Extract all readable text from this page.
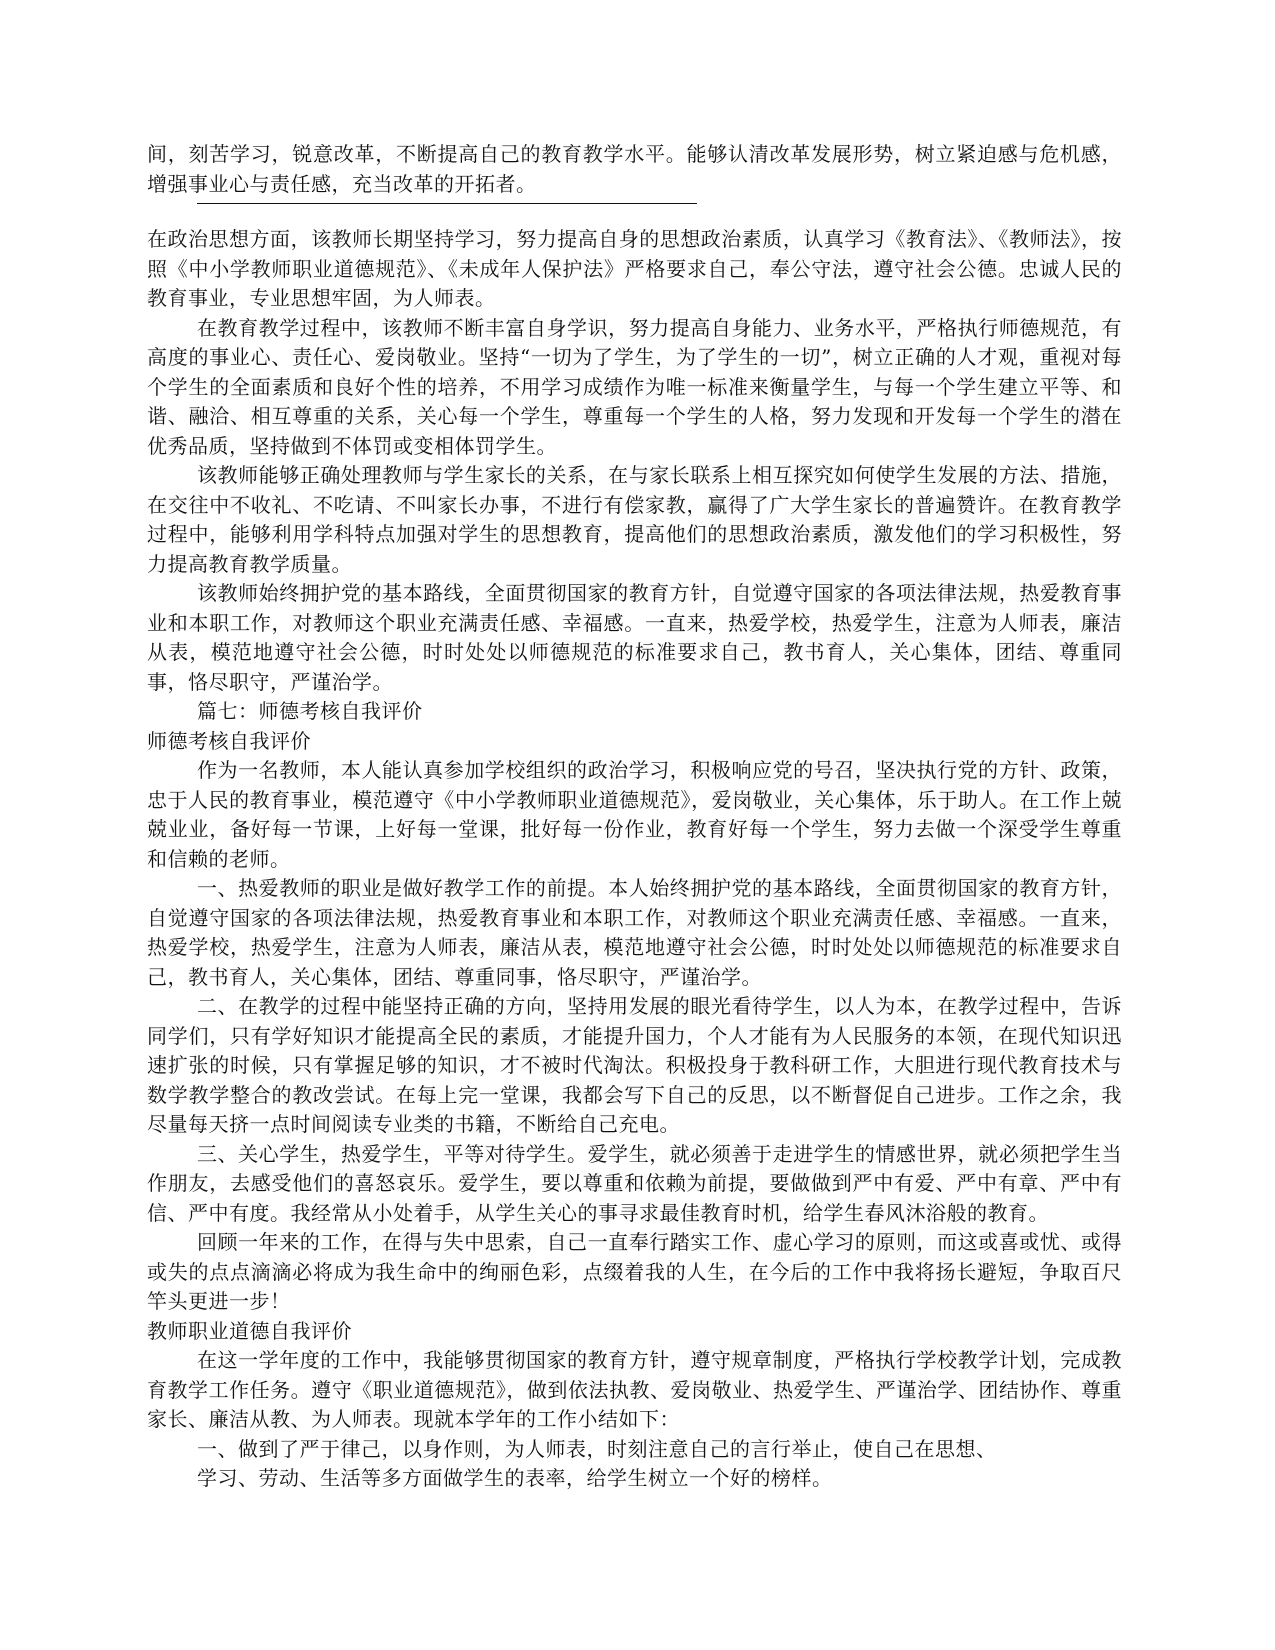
间，刻苦学习，锐意改革，不断提高自己的教育教学水平。能够认清改革发展形势，树立紧迫感与危机感，增强事业心与责任感，充当改革的开拓者。

在政治思想方面，该教师长期坚持学习，努力提高自身的思想政治素质，认真学习《教育法》、《教师法》，按照《中小学教师职业道德规范》、《未成年人保护法》严格要求自己，奉公守法，遵守社会公德。忠诚人民的教育事业，专业思想牢固，为人师表。

在教育教学过程中，该教师不断丰富自身学识，努力提高自身能力、业务水平，严格执行师德规范，有高度的事业心、责任心、爱岗敬业。坚持“一切为了学生，为了学生的一切”，树立正确的人才观，重视对每个学生的全面素质和良好个性的培养，不用学习成绩作为唯一标准来衡量学生，与每一个学生建立平等、和谐、融洽、相互尊重的关系，关心每一个学生，尊重每一个学生的人格，努力发现和开发每一个学生的潜在优秀品质，坚持做到不体罚或变相体罚学生。

该教师能够正确处理教师与学生家长的关系，在与家长联系上相互探究如何使学生发展的方法、措施，在交往中不收礼、不吃请、不叫家长办事，不进行有偿家教，赢得了广大学生家长的普遍赞许。在教育教学过程中，能够利用学科特点加强对学生的思想教育，提高他们的思想政治素质，激发他们的学习积极性，努力提高教育教学质量。

该教师始终拥护党的基本路线，全面贯彻国家的教育方针，自觉遵守国家的各项法律法规，热爱教育事业和本职工作，对教师这个职业充满责任感、幸福感。一直来，热爱学校，热爱学生，注意为人师表，廉洁从表，模范地遵守社会公德，时时处处以师德规范的标准要求自己，教书育人，关心集体，团结、尊重同事，恪尽职守，严谨治学。

篇七：师德考核自我评价
师德考核自我评价

作为一名教师，本人能认真参加学校组织的政治学习，积极响应党的号召，坚决执行党的方针、政策，忠于人民的教育事业，模范遵守《中小学教师职业道德规范》，爱岗敬业，关心集体，乐于助人。在工作上兢兢业业，备好每一节课，上好每一堂课，批好每一份作业，教育好每一个学生，努力去做一个深受学生尊重和信赖的老师。

一、热爱教师的职业是做好教学工作的前提。本人始终拥护党的基本路线，全面贯彻国家的教育方针，自觉遵守国家的各项法律法规，热爱教育事业和本职工作，对教师这个职业充满责任感、幸福感。一直来，热爱学校，热爱学生，注意为人师表，廉洁从表，模范地遵守社会公德，时时处处以师德规范的标准要求自己，教书育人，关心集体，团结、尊重同事，恪尽职守，严谨治学。

二、在教学的过程中能坚持正确的方向，坚持用发展的眼光看待学生，以人为本，在教学过程中，告诉同学们，只有学好知识才能提高全民的素质，才能提升国力，个人才能有为人民服务的本领，在现代知识迅速扩张的时候，只有掌握足够的知识，才不被时代淘汰。积极投身于教科研工作，大胆进行现代教育技术与数学教学整合的教改尝试。在每上完一堂课，我都会写下自己的反思，以不断督促自己进步。工作之余，我尽量每天挤一点时间阅读专业类的书籍，不断给自己充电。

三、关心学生，热爱学生，平等对待学生。爱学生，就必须善于走进学生的情感世界，就必须把学生当作朋友，去感受他们的喜怒哀乐。爱学生，要以尊重和依赖为前提，要做做到严中有爱、严中有章、严中有信、严中有度。我经常从小处着手，从学生关心的事寻求最佳教育时机，给学生春风沐浴般的教育。

回顾一年来的工作，在得与失中思索，自己一直奉行踏实工作、虚心学习的原则，而这或喜或忧、或得或失的点点滴滴必将成为我生命中的绚丽色彩，点缀着我的人生，在今后的工作中我将扬长避短，争取百尺竿头更进一步！

教师职业道德自我评价

在这一学年度的工作中，我能够贯彻国家的教育方针，遵守规章制度，严格执行学校教学计划，完成教育教学工作任务。遵守《职业道德规范》，做到依法执教、爱岗敬业、热爱学生、严谨治学、团结协作、尊重家长、廉洁从教、为人师表。现就本学年的工作小结如下：

一、做到了严于律己，以身作则，为人师表，时刻注意自己的言行举止，使自己在思想、

学习、劳动、生活等多方面做学生的表率，给学生树立一个好的榜样。
